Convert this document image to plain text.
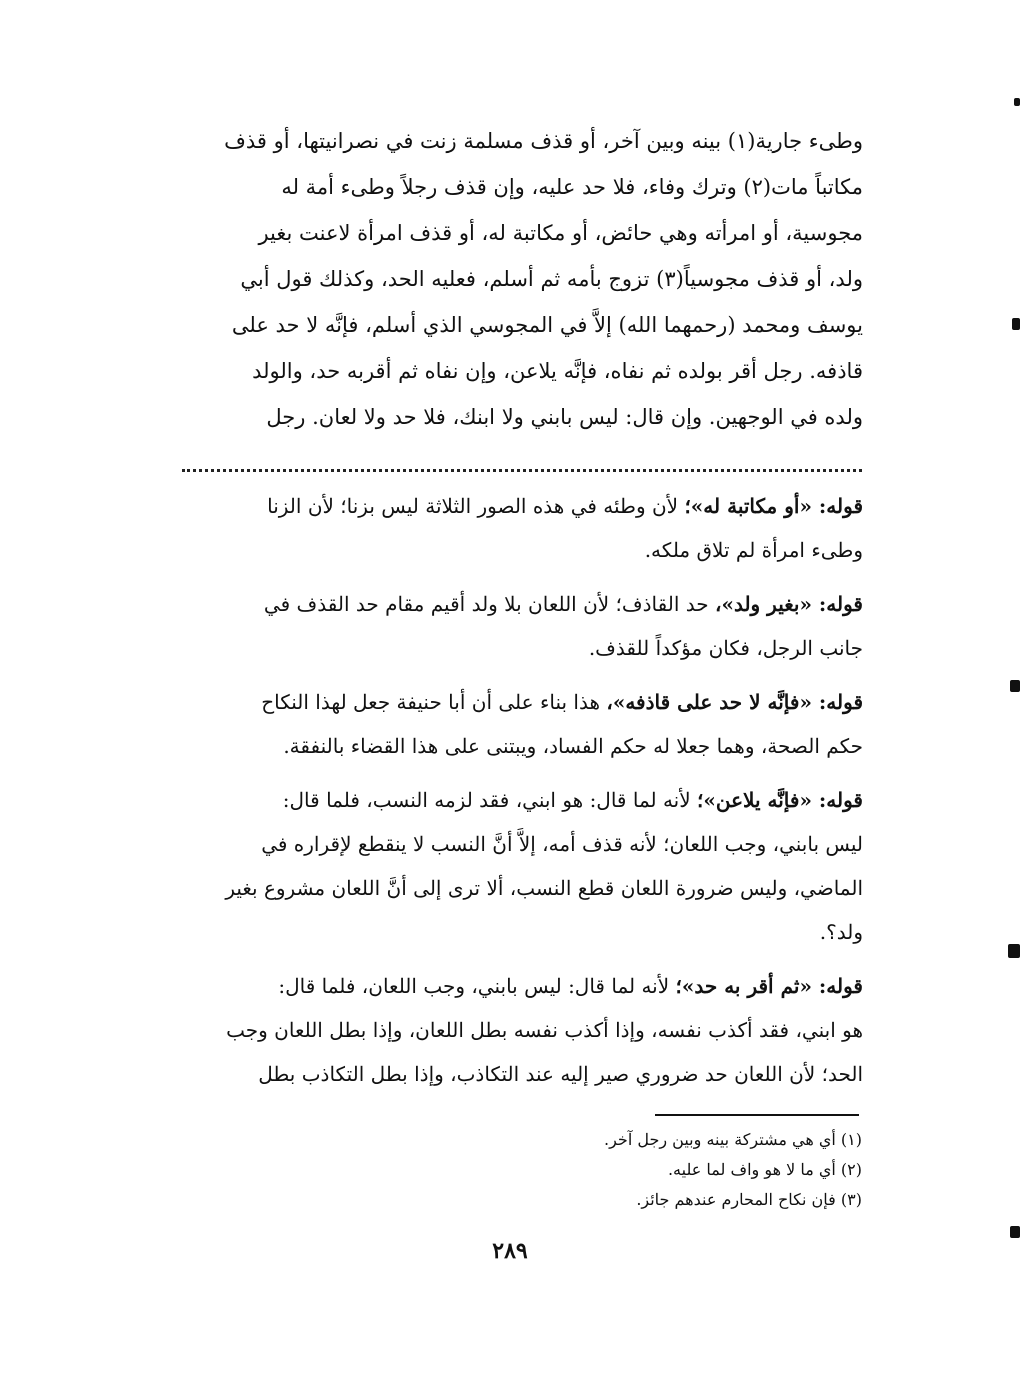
وطىء جارية(١) بينه وبين آخر، أو قذف مسلمة زنت في نصرانيتها، أو قذف
مكاتباً مات(٢) وترك وفاء، فلا حد عليه، وإن قذف رجلاً وطىء أمة له
مجوسية، أو امرأته وهي حائض، أو مكاتبة له، أو قذف امرأة لاعنت بغير
ولد، أو قذف مجوسياً(٣) تزوج بأمه ثم أسلم، فعليه الحد، وكذلك قول أبي
يوسف ومحمد (رحمهما الله) إلاَّ في المجوسي الذي أسلم، فإنَّه لا حد على
قاذفه. رجل أقر بولده ثم نفاه، فإنَّه يلاعن، وإن نفاه ثم أقربه حد، والولد
ولده في الوجهين. وإن قال: ليس بابني ولا ابنك، فلا حد ولا لعان. رجل
قوله: «أو مكاتبة له»؛ لأن وطئه في هذه الصور الثلاثة ليس بزنا؛ لأن الزنا
وطىء امرأة لم تلاق ملكه.
قوله: «بغير ولد»، حد القاذف؛ لأن اللعان بلا ولد أقيم مقام حد القذف في
جانب الرجل، فكان مؤكداً للقذف.
قوله: «فإنَّه لا حد على قاذفه»، هذا بناء على أن أبا حنيفة جعل لهذا النكاح
حكم الصحة، وهما جعلا له حكم الفساد، ويبتنى على هذا القضاء بالنفقة.
قوله: «فإنَّه يلاعن»؛ لأنه لما قال: هو ابني، فقد لزمه النسب، فلما قال:
ليس بابني، وجب اللعان؛ لأنه قذف أمه، إلاَّ أنَّ النسب لا ينقطع لإقراره في
الماضي، وليس ضرورة اللعان قطع النسب، ألا ترى إلى أنَّ اللعان مشروع بغير
ولد؟.
قوله: «ثم أقر به حد»؛ لأنه لما قال: ليس بابني، وجب اللعان، فلما قال:
هو ابني، فقد أكذب نفسه، وإذا أكذب نفسه بطل اللعان، وإذا بطل اللعان وجب
الحد؛ لأن اللعان حد ضروري صير إليه عند التكاذب، وإذا بطل التكاذب بطل
(١) أي هي مشتركة بينه وبين رجل آخر.
(٢) أي ما لا هو واف لما عليه.
(٣) فإن نكاح المحارم عندهم جائز.
٢٨٩
